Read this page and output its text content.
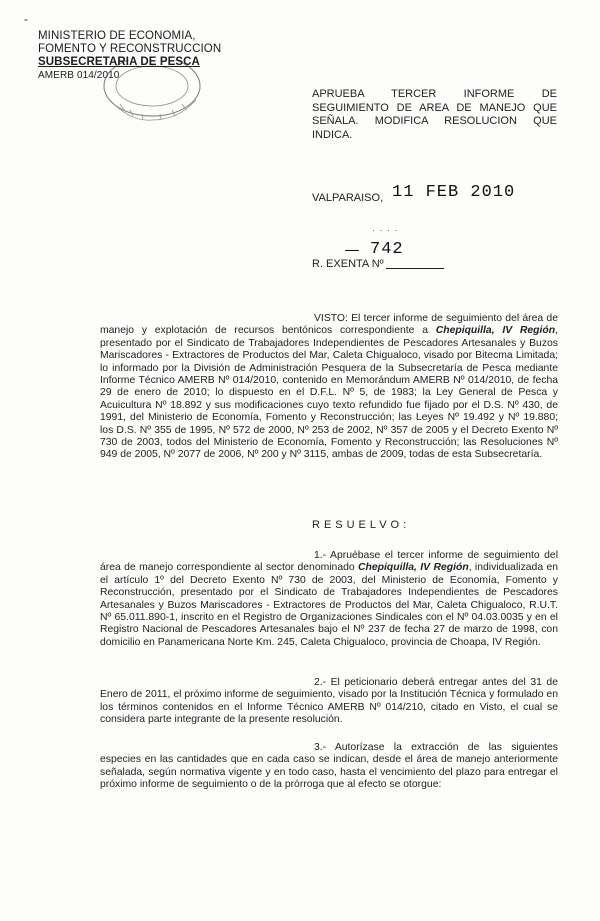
-
MINISTERIO DE ECONOMIA,
FOMENTO Y RECONSTRUCCION
SUBSECRETARIA DE PESCA
AMERB 014/2010
APRUEBA TERCER INFORME DE SEGUIMIENTO DE AREA DE MANEJO QUE SEÑALA. MODIFICA RESOLUCION QUE INDICA.
VALPARAISO, 11 FEB 2010
· · · ·
742
R. EXENTA Nº
VISTO: El tercer informe de seguimiento del área de manejo y explotación de recursos bentónicos correspondiente a Chepiquilla, IV Región, presentado por el Sindicato de Trabajadores Independientes de Pescadores Artesanales y Buzos Mariscadores - Extractores de Productos del Mar, Caleta Chigualoco, visado por Bitecma Limitada; lo informado por la División de Administración Pesquera de la Subsecretaría de Pesca mediante Informe Técnico AMERB Nº 014/2010, contenido en Memorándum AMERB Nº 014/2010, de fecha 29 de enero de 2010; lo dispuesto en el D.F.L. Nº 5, de 1983; la Ley General de Pesca y Acuicultura Nº 18.892 y sus modificaciones cuyo texto refundido fue fijado por el D.S. Nº 430, de 1991, del Ministerio de Economía, Fomento y Reconstrucción; las Leyes Nº 19.492 y Nº 19.880; los D.S. Nº 355 de 1995, Nº 572 de 2000, Nº 253 de 2002, Nº 357 de 2005 y el Decreto Exento Nº 730 de 2003, todos del Ministerio de Economía, Fomento y Reconstrucción; las Resoluciones Nº 949 de 2005, Nº 2077 de 2006, Nº 200 y Nº 3115, ambas de 2009, todas de esta Subsecretaría.
RESUELVO:
1.- Apruébase el tercer informe de seguimiento del área de manejo correspondiente al sector denominado Chepiquilla, IV Región, individualizada en el artículo 1º del Decreto Exento Nº 730 de 2003, del Ministerio de Economía, Fomento y Reconstrucción, presentado por el Sindicato de Trabajadores Independientes de Pescadores Artesanales y Buzos Mariscadores - Extractores de Productos del Mar, Caleta Chigualoco, R.U.T. Nº 65.011.890-1, inscrito en el Registro de Organizaciones Sindicales con el Nº 04.03.0035 y en el Registro Nacional de Pescadores Artesanales bajo el Nº 237 de fecha 27 de marzo de 1998, con domicilio en Panamericana Norte Km. 245, Caleta Chigualoco, provincia de Choapa, IV Región.
2.- El peticionario deberá entregar antes del 31 de Enero de 2011, el próximo informe de seguimiento, visado por la Institución Técnica y formulado en los términos contenidos en el Informe Técnico AMERB Nº 014/210, citado en Visto, el cual se considera parte integrante de la presente resolución.
3.- Autorízase la extracción de las siguientes especies en las cantidades que en cada caso se indican, desde el área de manejo anteriormente señalada, según normativa vigente y en todo caso, hasta el vencimiento del plazo para entregar el próximo informe de seguimiento o de la prórroga que al efecto se otorgue:
